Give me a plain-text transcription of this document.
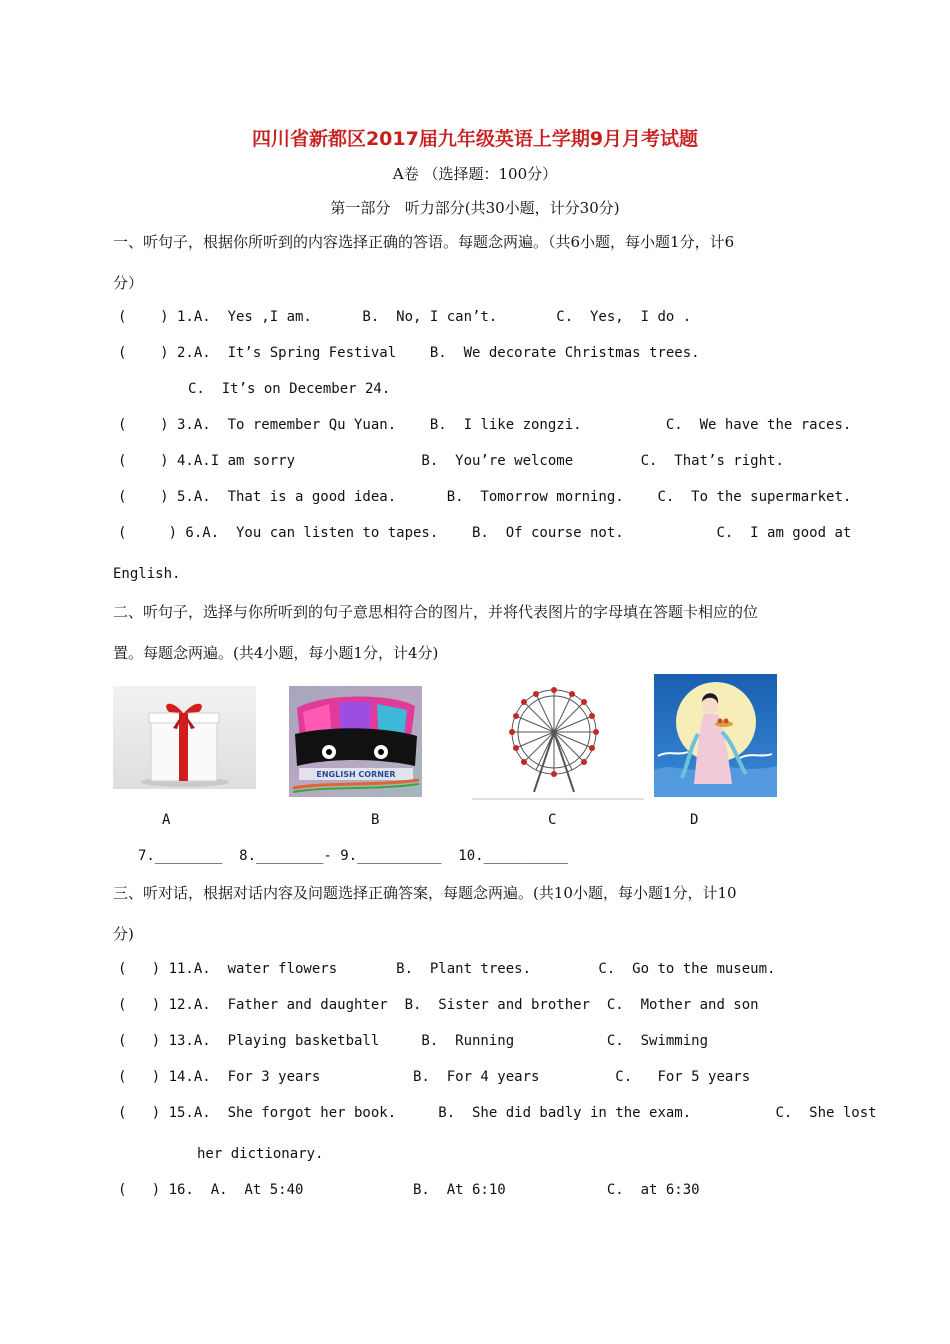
四川省新都区2017届九年级英语上学期9月月考试题
A卷 （选择题：100分）
第一部分   听力部分(共30小题，计分30分)
一、听句子，根据你所听到的内容选择正确的答语。每题念两遍。（共6小题，每小题1分，计6
分）
(    ) 1.A.  Yes ,I am.      B.  No, I can’t.       C.  Yes,  I do .
(    ) 2.A.  It’s Spring Festival    B.  We decorate Christmas trees.
C.  It’s on December 24.
(    ) 3.A.  To remember Qu Yuan.    B.  I like zongzi.          C.  We have the races.
(    ) 4.A.I am sorry               B.  You’re welcome        C.  That’s right.
(    ) 5.A.  That is a good idea.      B.  Tomorrow morning.    C.  To the supermarket.
(     ) 6.A.  You can listen to tapes.    B.  Of course not.           C.  I am good at
English.
二、听句子，选择与你所听到的句子意思相符合的图片，并将代表图片的字母填在答题卡相应的位
置。每题念两遍。(共4小题，每小题1分，计4分)
ENGLISH CORNER
A	B	C	D
7.________  8.________- 9.__________  10.__________
三、听对话，根据对话内容及问题选择正确答案，每题念两遍。(共10小题，每小题1分，计10
分)
(   ) 11.A.  water flowers       B.  Plant trees.        C.  Go to the museum.
(   ) 12.A.  Father and daughter  B.  Sister and brother  C.  Mother and son
(   ) 13.A.  Playing basketball     B.  Running           C.  Swimming
(   ) 14.A.  For 3 years           B.  For 4 years         C.   For 5 years
(   ) 15.A.  She forgot her book.     B.  She did badly in the exam.          C.  She lost
her dictionary.
(   ) 16.  A.  At 5:40             B.  At 6:10            C.  at 6:30
